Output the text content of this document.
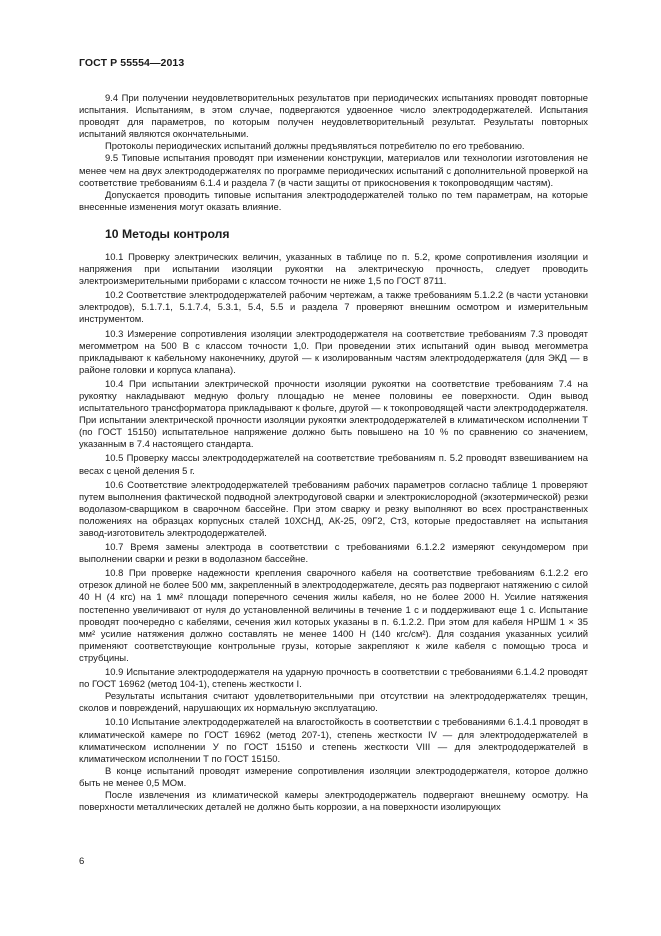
ГОСТ Р 55554—2013

9.4 При получении неудовлетворительных результатов при периодических испытаниях проводят повторные испытания. Испытаниям, в этом случае, подвергаются удвоенное число электрододержателей. Испытания проводят для параметров, по которым получен неудовлетворительный результат. Результаты повторных испытаний являются окончательными.

Протоколы периодических испытаний должны предъявляться потребителю по его требованию.

9.5 Типовые испытания проводят при изменении конструкции, материалов или технологии изготовления не менее чем на двух электрододержателях по программе периодических испытаний с дополнительной проверкой на соответствие требованиям 6.1.4 и раздела 7 (в части защиты от прикосновения к токопроводящим частям).

Допускается проводить типовые испытания электрододержателей только по тем параметрам, на которые внесенные изменения могут оказать влияние.

10 Методы контроля

10.1 Проверку электрических величин, указанных в таблице по п. 5.2, кроме сопротивления изоляции и напряжения при испытании изоляции рукоятки на электрическую прочность, следует проводить электроизмерительными приборами с классом точности не ниже 1,5 по ГОСТ 8711.

10.2 Соответствие электрододержателей рабочим чертежам, а также требованиям 5.1.2.2 (в части установки электродов), 5.1.7.1, 5.1.7.4, 5.3.1, 5.4, 5.5 и раздела 7 проверяют внешним осмотром и измерительным инструментом.

10.3 Измерение сопротивления изоляции электрододержателя на соответствие требованиям 7.3 проводят мегомметром на 500 В с классом точности 1,0. При проведении этих испытаний один вывод мегомметра прикладывают к кабельному наконечнику, другой — к изолированным частям электрододержателя (для ЭКД — в районе головки и корпуса клапана).

10.4 При испытании электрической прочности изоляции рукоятки на соответствие требованиям 7.4 на рукоятку накладывают медную фольгу площадью не менее половины ее поверхности. Один вывод испытательного трансформатора прикладывают к фольге, другой — к токопроводящей части электрододержателя. При испытании электрической прочности изоляции рукоятки электрододержателей в климатическом исполнении Т (по ГОСТ 15150) испытательное напряжение должно быть повышено на 10 % по сравнению со значением, указанным в 7.4 настоящего стандарта.

10.5 Проверку массы электрододержателей на соответствие требованиям п. 5.2 проводят взвешиванием на весах с ценой деления 5 г.

10.6 Соответствие электрододержателей требованиям рабочих параметров согласно таблице 1 проверяют путем выполнения фактической подводной электродуговой сварки и электрокислородной (экзотермической) резки водолазом-сварщиком в сварочном бассейне. При этом сварку и резку выполняют во всех пространственных положениях на образцах корпусных сталей 10ХСНД, АК-25, 09Г2, Ст3, которые предоставляет на испытания завод-изготовитель электрододержателей.

10.7 Время замены электрода в соответствии с требованиями 6.1.2.2 измеряют секундомером при выполнении сварки и резки в водолазном бассейне.

10.8 При проверке надежности крепления сварочного кабеля на соответствие требованиям 6.1.2.2 его отрезок длиной не более 500 мм, закрепленный в электрододержателе, десять раз подвергают натяжению с силой 40 Н (4 кгс) на 1 мм² площади поперечного сечения жилы кабеля, но не более 2000 Н. Усилие натяжения постепенно увеличивают от нуля до установленной величины в течение 1 с и поддерживают еще 1 с. Испытание проводят поочередно с кабелями, сечения жил которых указаны в п. 6.1.2.2. При этом для кабеля НРШМ 1 × 35 мм² усилие натяжения должно составлять не менее 1400 Н (140 кгс/см²). Для создания указанных усилий применяют соответствующие контрольные грузы, которые закрепляют к жиле кабеля с помощью троса и струбцины.

10.9 Испытание электрододержателя на ударную прочность в соответствии с требованиями 6.1.4.2 проводят по ГОСТ 16962 (метод 104-1), степень жесткости I.

Результаты испытания считают удовлетворительными при отсутствии на электрододержателях трещин, сколов и повреждений, нарушающих их нормальную эксплуатацию.

10.10 Испытание электрододержателей на влагостойкость в соответствии с требованиями 6.1.4.1 проводят в климатической камере по ГОСТ 16962 (метод 207-1), степень жесткости IV — для электрододержателей в климатическом исполнении У по ГОСТ 15150 и степень жесткости VIII — для электрододержателей в климатическом исполнении Т по ГОСТ 15150.

В конце испытаний проводят измерение сопротивления изоляции электрододержателя, которое должно быть не менее 0,5 МОм.

После извлечения из климатической камеры электрододержатель подвергают внешнему осмотру. На поверхности металлических деталей не должно быть коррозии, а на поверхности изолирующих

6
